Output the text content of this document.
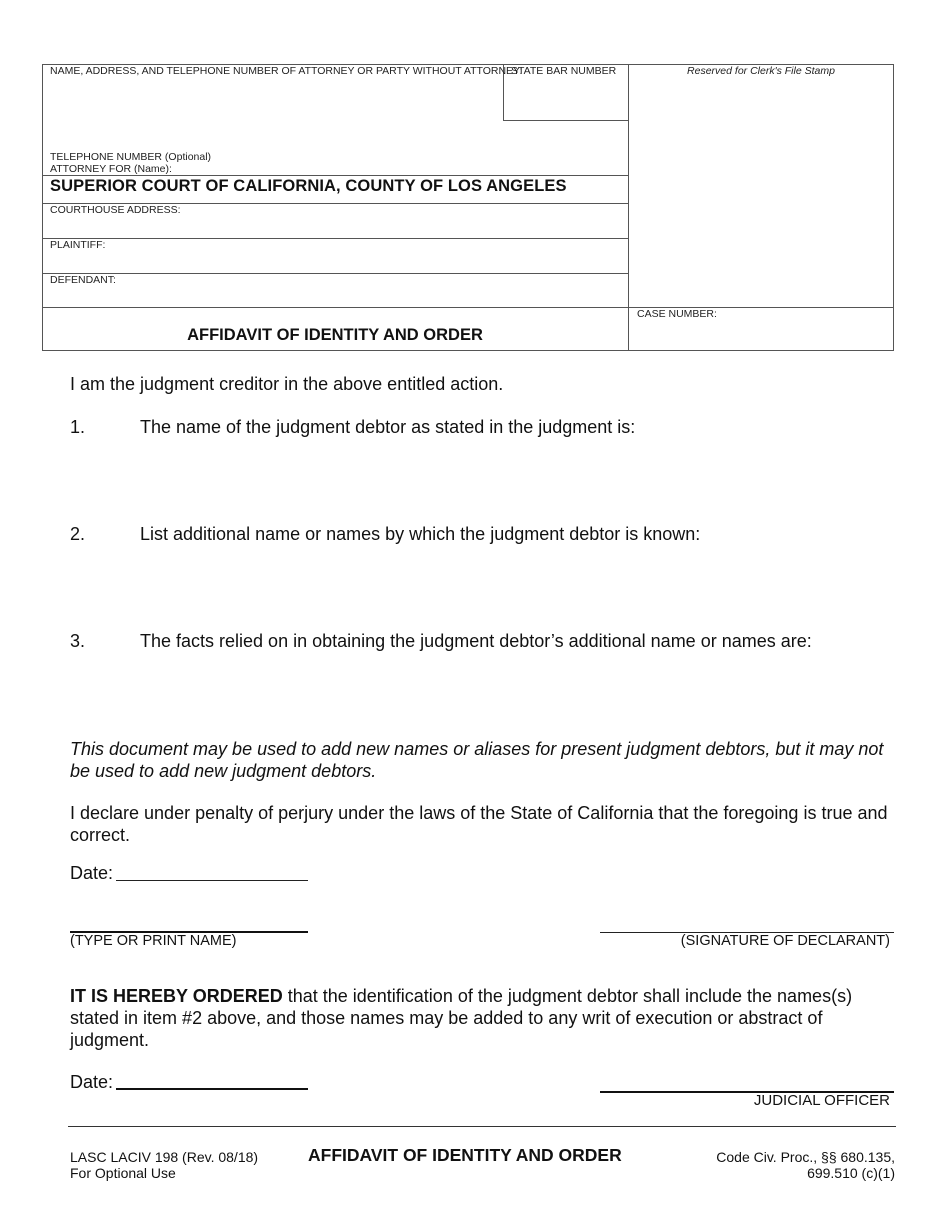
NAME, ADDRESS, AND TELEPHONE NUMBER OF ATTORNEY OR PARTY WITHOUT ATTORNEY:
STATE BAR NUMBER	Reserved for Clerk's File Stamp
TELEPHONE NUMBER (Optional)
ATTORNEY FOR (Name):
SUPERIOR COURT OF CALIFORNIA, COUNTY OF LOS ANGELES
COURTHOUSE ADDRESS:
PLAINTIFF:
DEFENDANT:
AFFIDAVIT OF IDENTITY AND ORDER
CASE NUMBER:
I am the judgment creditor in the above entitled action.
1.	The name of the judgment debtor as stated in the judgment is:
2.	List additional name or names by which the judgment debtor is known:
3.	The facts relied on in obtaining the judgment debtor’s additional name or names are:
This document may be used to add new names or aliases for present judgment debtors, but it may not be used to add new judgment debtors.
I declare under penalty of perjury under the laws of the State of California that the foregoing is true and correct.
Date:
(TYPE OR PRINT NAME)	(SIGNATURE OF DECLARANT)
IT IS HEREBY ORDERED that the identification of the judgment debtor shall include the names(s) stated in item #2 above, and those names may be added to any writ of execution or abstract of judgment.
Date:
JUDICIAL OFFICER
LASC LACIV 198 (Rev. 08/18)
For Optional Use
AFFIDAVIT OF IDENTITY AND ORDER	Code Civ. Proc., §§ 680.135,
699.510 (c)(1)
